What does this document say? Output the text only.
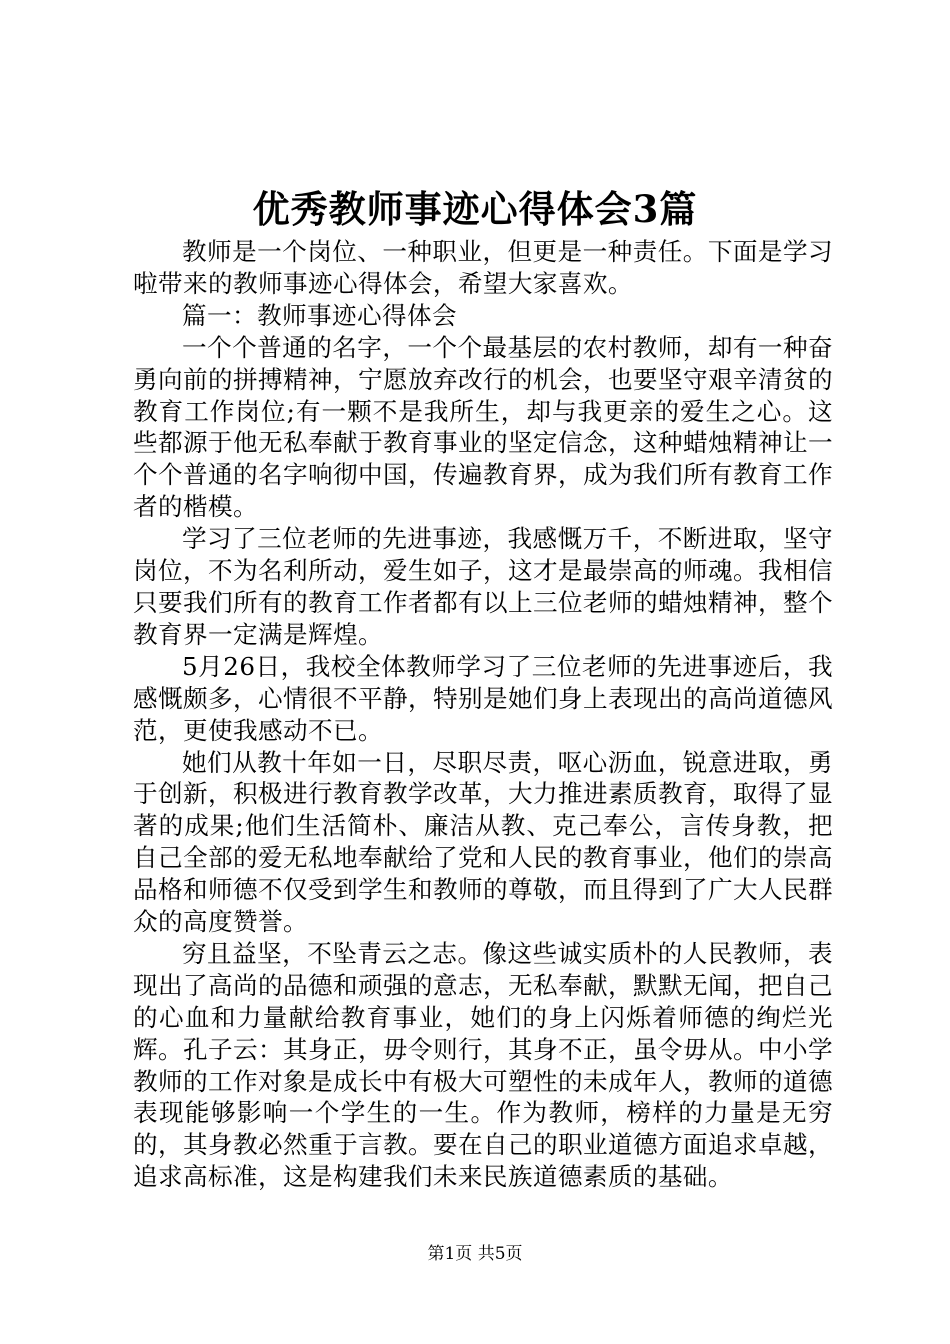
优秀教师事迹心得体会3篇

教师是一个岗位、一种职业，但更是一种责任。下面是学习啦带来的教师事迹心得体会，希望大家喜欢。

篇一：教师事迹心得体会

一个个普通的名字，一个个最基层的农村教师，却有一种奋勇向前的拼搏精神，宁愿放弃改行的机会，也要坚守艰辛清贫的教育工作岗位;有一颗不是我所生，却与我更亲的爱生之心。这些都源于他无私奉献于教育事业的坚定信念，这种蜡烛精神让一个个普通的名字响彻中国，传遍教育界，成为我们所有教育工作者的楷模。

学习了三位老师的先进事迹，我感慨万千，不断进取，坚守岗位，不为名利所动，爱生如子，这才是最崇高的师魂。我相信只要我们所有的教育工作者都有以上三位老师的蜡烛精神，整个教育界一定满是辉煌。

5月26日，我校全体教师学习了三位老师的先进事迹后，我感慨颇多，心情很不平静，特别是她们身上表现出的高尚道德风范，更使我感动不已。

她们从教十年如一日，尽职尽责，呕心沥血，锐意进取，勇于创新，积极进行教育教学改革，大力推进素质教育，取得了显著的成果;他们生活简朴、廉洁从教、克己奉公，言传身教，把自己全部的爱无私地奉献给了党和人民的教育事业，他们的崇高品格和师德不仅受到学生和教师的尊敬，而且得到了广大人民群众的高度赞誉。

穷且益坚，不坠青云之志。像这些诚实质朴的人民教师，表现出了高尚的品德和顽强的意志，无私奉献，默默无闻，把自己的心血和力量献给教育事业，她们的身上闪烁着师德的绚烂光辉。孔子云：其身正，毋令则行，其身不正，虽令毋从。中小学教师的工作对象是成长中有极大可塑性的未成年人，教师的道德表现能够影响一个学生的一生。作为教师，榜样的力量是无穷的，其身教必然重于言教。要在自己的职业道德方面追求卓越，追求高标准，这是构建我们未来民族道德素质的基础。

第1页 共5页
